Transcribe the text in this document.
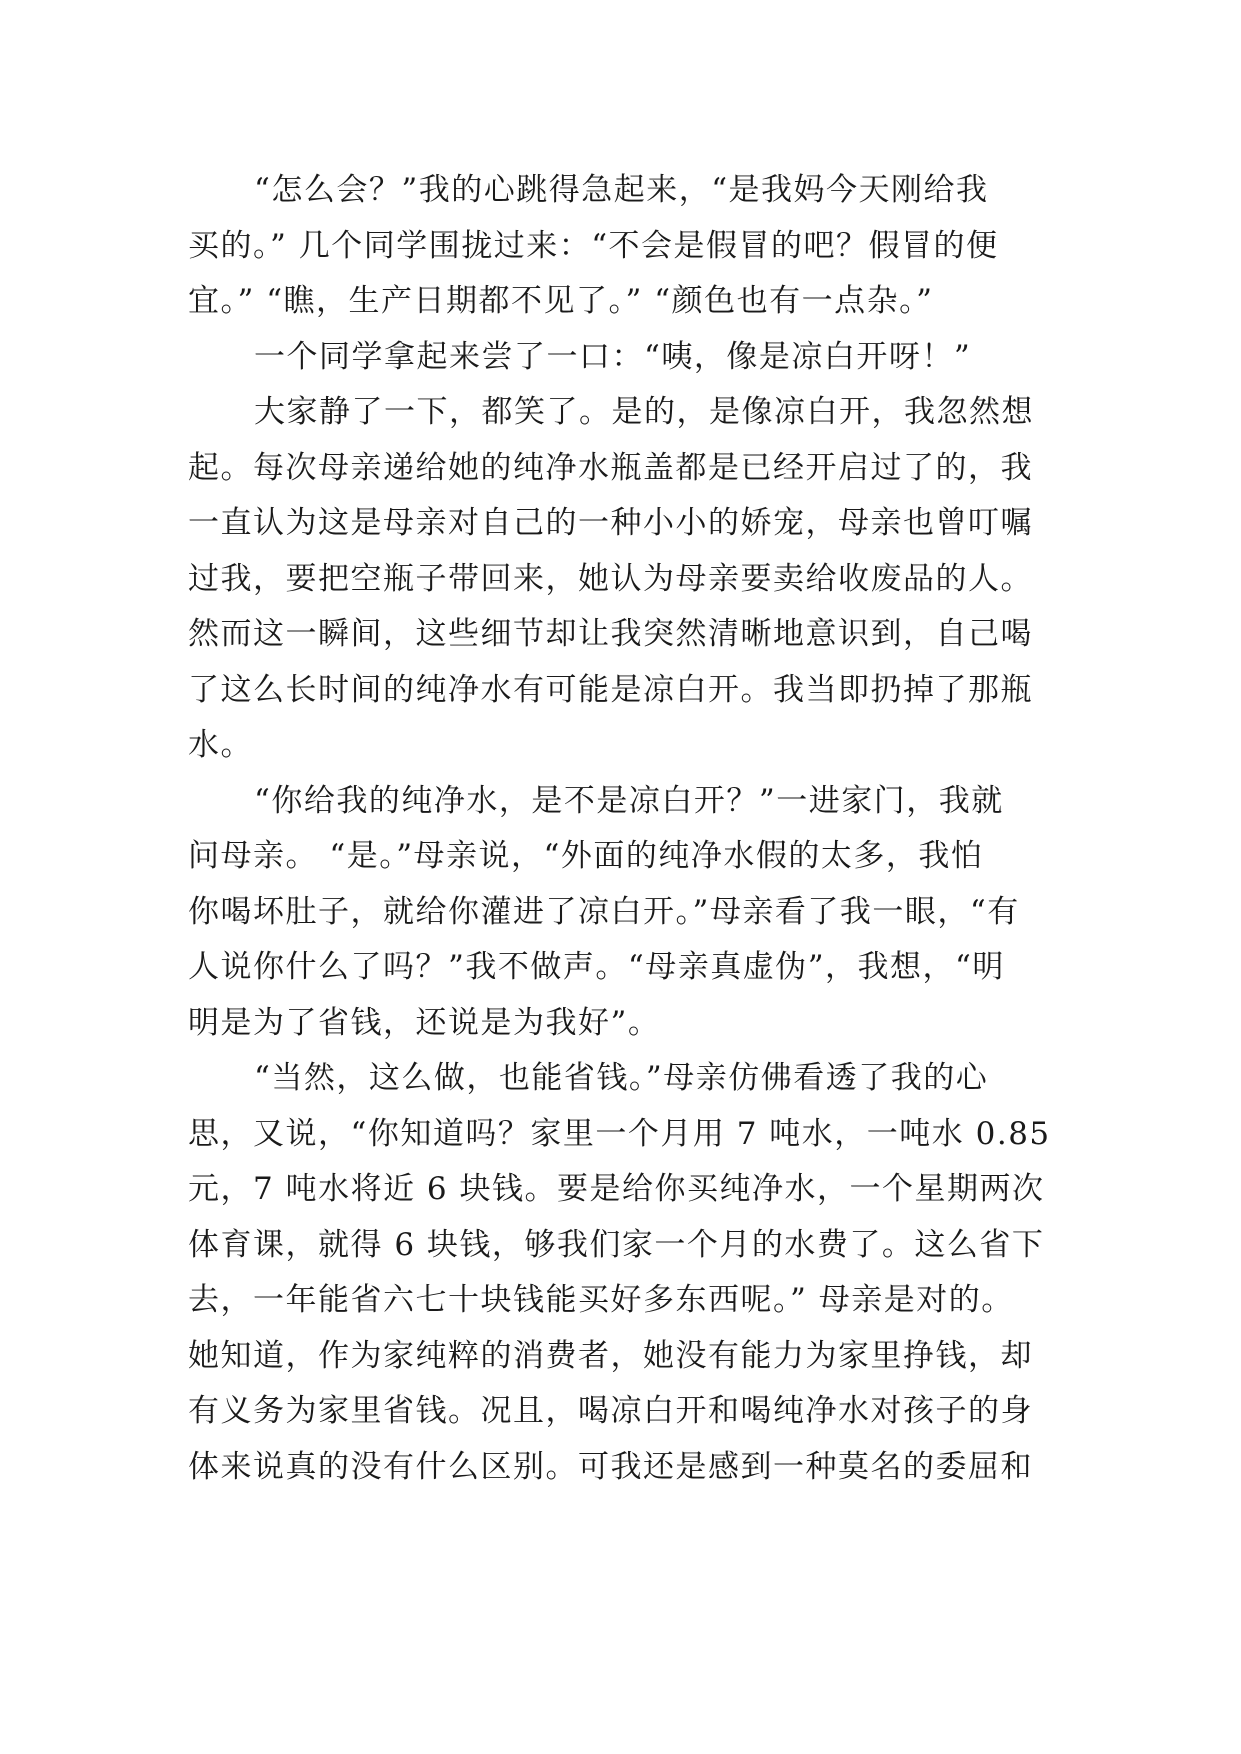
“怎么会？”我的心跳得急起来，“是我妈今天刚给我
买的。” 几个同学围拢过来：“不会是假冒的吧？假冒的便
宜。” “瞧，生产日期都不见了。” “颜色也有一点杂。”
一个同学拿起来尝了一口：“咦，像是凉白开呀！”
大家静了一下，都笑了。是的，是像凉白开，我忽然想
起。每次母亲递给她的纯净水瓶盖都是已经开启过了的，我
一直认为这是母亲对自己的一种小小的娇宠，母亲也曾叮嘱
过我，要把空瓶子带回来，她认为母亲要卖给收废品的人。
然而这一瞬间，这些细节却让我突然清晰地意识到，自己喝
了这么长时间的纯净水有可能是凉白开。我当即扔掉了那瓶
水。
“你给我的纯净水，是不是凉白开？”一进家门，我就
问母亲。 “是。”母亲说，“外面的纯净水假的太多，我怕
你喝坏肚子，就给你灌进了凉白开。”母亲看了我一眼，“有
人说你什么了吗？”我不做声。“母亲真虚伪”，我想，“明
明是为了省钱，还说是为我好”。
“当然，这么做，也能省钱。”母亲仿佛看透了我的心
思，又说，“你知道吗？家里一个月用 7 吨水，一吨水 0.85
元，7 吨水将近 6 块钱。要是给你买纯净水，一个星期两次
体育课，就得 6 块钱，够我们家一个月的水费了。这么省下
去，一年能省六七十块钱能买好多东西呢。” 母亲是对的。
她知道，作为家纯粹的消费者，她没有能力为家里挣钱，却
有义务为家里省钱。况且，喝凉白开和喝纯净水对孩子的身
体来说真的没有什么区别。可我还是感到一种莫名的委屈和
